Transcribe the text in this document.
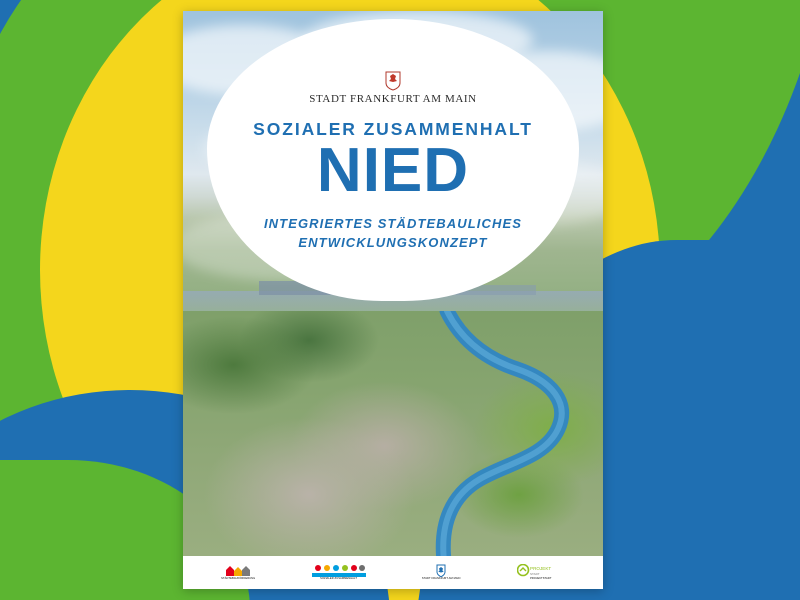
STADT FRANKFURT AM MAIN
SOZIALER ZUSAMMENHALT
NIED
INTEGRIERTES STÄDTEBAULICHES
ENTWICKLUNGSKONZEPT
STÄDTEBAUFÖRDERUNG	SOZIALER ZUSAMMENHALT	STADT FRANKFURT AM MAIN
PROJEKT
STADT
PROJEKTSTADT
